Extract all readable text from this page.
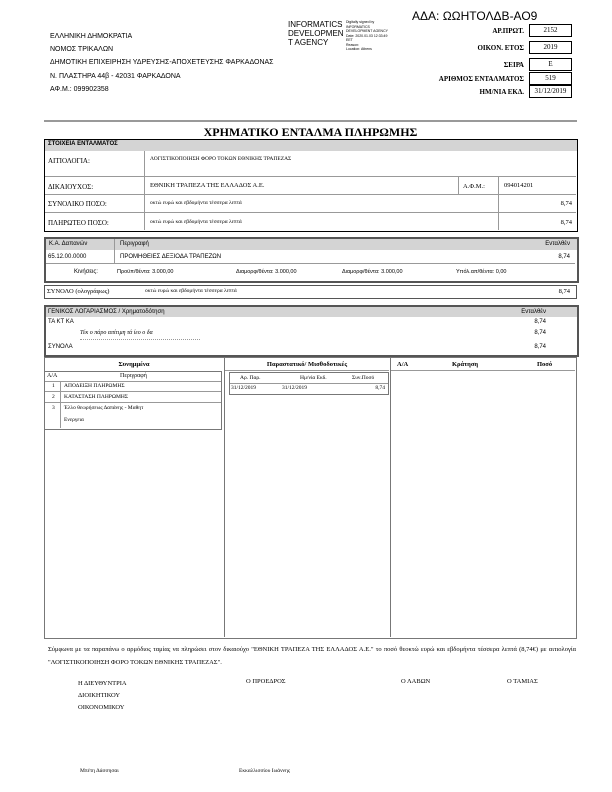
ΑΔΑ: ΩΩΗΤΟΛΔΒ-ΑΟ9
ΕΛΛΗΝΙΚΗ ΔΗΜΟΚΡΑΤΙΑ
ΝΟΜΟΣ ΤΡΙΚΑΛΩΝ
ΔΗΜΟΤΙΚΗ ΕΠΙΧΕΙΡΗΣΗ ΥΔΡΕΥΣΗΣ-ΑΠΟΧΕΤΕΥΣΗΣ ΦΑΡΚΑΔΟΝΑΣ
Ν. ΠΛΑΣΤΗΡΑ 44β - 42031 ΦΑΡΚΑΔΟΝΑ
ΑΦ.Μ.: 099902358
INFORMATICS
DEVELOPMEN
T AGENCY
Digitally signed by
INFORMATICS
DEVELOPMENT AGENCY
Date: 2020.01.03 12:33:49
EET
Reason:
Location: Athens
ΑΡ.ΠΡΩΤ.	2152
ΟΙΚΟΝ. ΕΤΟΣ	2019
ΣΕΙΡΑ	Ε
ΑΡΙΘΜΟΣ ΕΝΤΑΛΜΑΤΟΣ	519
ΗΜ/ΝΙΑ ΕΚΔ.	31/12/2019
ΧΡΗΜΑΤΙΚΟ ΕΝΤΑΛΜΑ ΠΛΗΡΩΜΗΣ
ΣΤΟΙΧΕΙΑ ΕΝΤΑΛΜΑΤΟΣ
ΑΙΤΙΟΛΟΓΙΑ:	ΛΟΓΙΣΤΙΚΟΠΟΙΗΣΗ ΦΟΡΟ ΤΟΚΩΝ ΕΘΝΙΚΗΣ ΤΡΑΠΕΖΑΣ
ΔΙΚΑΙΟΥΧΟΣ:	ΕΘΝΙΚΗ ΤΡΑΠΕΖΑ ΤΗΣ ΕΛΛΑΔΟΣ Α.Ε.	Α.Φ.Μ.:	094014201
ΣΥΝΟΛΙΚΟ ΠΟΣΟ:	οκτώ ευρώ και εβδομήντα τέσσερα λεπτά	8,74
ΠΛΗΡΩΤΕΟ ΠΟΣΟ:	οκτώ ευρώ και εβδομήντα τέσσερα λεπτά	8,74
Κ.Α. Δαπανών	Περιγραφή	Ενταλθέν
65.12.00.0000	ΠΡΟΜΗΘΕΙΕΣ ΔΕΞΙΟΔΑ ΤΡΑΠΕΖΩΝ	8,74
Κινήσεις:	Προϋπ/θέντα: 3.000,00	Διαμορφ/θέντα: 3.000,00	Διαμορφ/θέντα: 3.000,00	Υπόλ.απ/θέντα: 0,00
ΣΥΝΟΛΟ (ολογράφως)	οκτώ ευρώ και εβδομήντα τέσσερα λεπτά	8,74
ΓΕΝΙΚΟΣ ΛΟΓΑΡΙΑΣΜΟΣ / Χρηματοδότηση	Ενταλθέν
ΤΑ ΚΤ ΚΑ	8,74
Τέκ ο πάρο απίτιμη τά ίεο ο δα	8,74
ΣΥΝΟΛΑ	8,74
Συνημμένα
Α/Α	Περιγραφή
1 ΑΠΟΔΕΙΞΗ ΠΛΗΡΩΜΗΣ
2 ΚΑΤΑΣΤΑΣΗ ΠΛΗΡΩΜΗΣ
3 Έλλο θεωρήσεως Δαπάνης - Μαθητ
Ενεργεια
Παραστατικό/ Μισθοδοτικές
Αρ. Παρ.	Ημ/νία Εκδ.	Συν.Ποσό
31/12/2019	31/12/2019	8,74
Α/Α	Κράτηση	Ποσό
Σύμφωνα με τα παραπάνω ο αρμόδιος ταμίας να πληρώσει στον δικαιούχο "ΕΘΝΙΚΗ ΤΡΑΠΕΖΑ ΤΗΣ ΕΛΛΑΔΟΣ Α.Ε." το ποσό θεοκτώ ευρώ και εβδομήντα τέσσερα λεπτά (8,74€) με αιτιολογία "ΛΟΓΙΣΤΙΚΟΠΟΙΗΣΗ ΦΟΡΟ ΤΟΚΩΝ ΕΘΝΙΚΗΣ ΤΡΑΠΕΖΑΣ".
Η ΔΙΕΥΘΥΝΤΡΙΑ
ΔΙΟΙΚΗΤΙΚΟΥ
ΟΙΚΟΝΟΜΙΚΟΥ
Ο ΠΡΟΕΔΡΟΣ	Ο ΛΑΒΩΝ	Ο ΤΑΜΙΑΣ
Μπέτη Δάσσησαι	Εκκαλλισσίου Ιωάννης
